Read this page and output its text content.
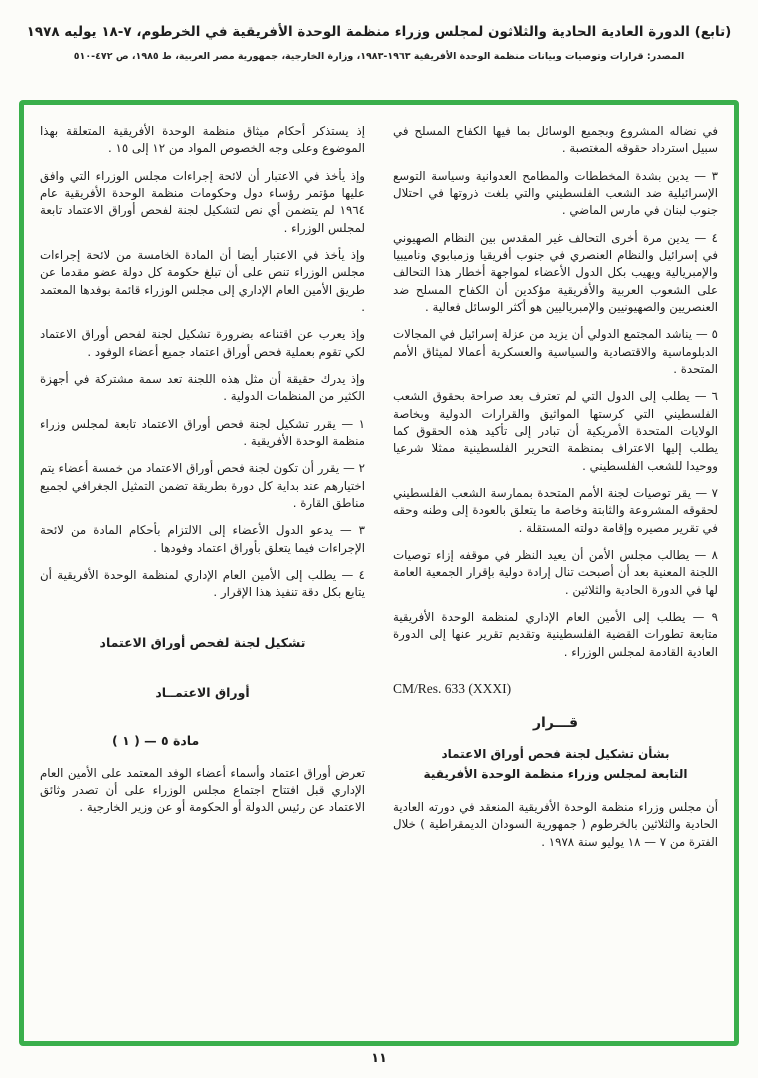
(تابع) الدورة العادية الحادية والثلاثون لمجلس وزراء منظمة الوحدة الأفريقية في الخرطوم، ٧-١٨ يوليه ١٩٧٨
المصدر: قرارات وتوصيات وبيانات منظمة الوحدة الأفريقية ١٩٦٣-١٩٨٣، وزارة الخارجية، جمهورية مصر العربية، ط ١٩٨٥، ص ٤٧٢-٥١٠

في نضاله المشروع وبجميع الوسائل بما فيها الكفاح المسلح في سبيل استرداد حقوقه المغتصبة .

٣ — يدين بشدة المخططات والمطامح العدوانية وسياسة التوسع الإسرائيلية ضد الشعب الفلسطيني والتي بلغت ذروتها في احتلال جنوب لبنان في مارس الماضي .

٤ — يدين مرة أخرى التحالف غير المقدس بين النظام الصهيوني في إسرائيل والنظام العنصري في جنوب أفريقيا وزمبابوي وناميبيا والإمبريالية ويهيب بكل الدول الأعضاء لمواجهة أخطار هذا التحالف على الشعوب العربية والأفريقية مؤكدين أن الكفاح المسلح ضد العنصريين والصهيونيين والإمبرياليين هو أكثر الوسائل فعالية .

٥ — يناشد المجتمع الدولي أن يزيد من عزلة إسرائيل في المجالات الدبلوماسية والاقتصادية والسياسية والعسكرية أعمالا لميثاق الأمم المتحدة .

٦ — يطلب إلى الدول التي لم تعترف بعد صراحة بحقوق الشعب الفلسطيني التي كرستها المواثيق والقرارات الدولية وبخاصة الولايات المتحدة الأمريكية أن تبادر إلى تأكيد هذه الحقوق كما يطلب إليها الاعتراف بمنظمة التحرير الفلسطينية ممثلا شرعيا ووحيدا للشعب الفلسطيني .

٧ — يقر توصيات لجنة الأمم المتحدة بممارسة الشعب الفلسطيني لحقوقه المشروعة والثابتة وخاصة ما يتعلق بالعودة إلى وطنه وحقه في تقرير مصيره وإقامة دولته المستقلة .

٨ — يطالب مجلس الأمن أن يعيد النظر في موقفه إزاء توصيات اللجنة المعنية بعد أن أصبحت تنال إرادة دولية بإقرار الجمعية العامة لها في الدورة الحادية والثلاثين .

٩ — يطلب إلى الأمين العام الإداري لمنظمة الوحدة الأفريقية متابعة تطورات القضية الفلسطينية وتقديم تقرير عنها إلى الدورة العادية القادمة لمجلس الوزراء .

CM/Res. 633 (XXXI)
قـــرار
بشأن تشكيل لجنة فحص أوراق الاعتماد
التابعة لمجلس وزراء منظمة الوحدة الأفريقية

أن مجلس وزراء منظمة الوحدة الأفريقية المنعقد في دورته العادية الحادية والثلاثين بالخرطوم ( جمهورية السودان الديمقراطية ) خلال الفترة من ٧ — ١٨ يوليو سنة ١٩٧٨ .

إذ يستذكر أحكام ميثاق منظمة الوحدة الأفريقية المتعلقة بهذا الموضوع وعلى وجه الخصوص المواد من ١٢ إلى ١٥ .

وإذ يأخذ في الاعتبار أن لائحة إجراءات مجلس الوزراء التي وافق عليها مؤتمر رؤساء دول وحكومات منظمة الوحدة الأفريقية عام ١٩٦٤ لم يتضمن أي نص لتشكيل لجنة لفحص أوراق الاعتماد تابعة لمجلس الوزراء .

وإذ يأخذ في الاعتبار أيضا أن المادة الخامسة من لائحة إجراءات مجلس الوزراء تنص على أن تبلغ حكومة كل دولة عضو مقدما عن طريق الأمين العام الإداري إلى مجلس الوزراء قائمة بوفدها المعتمد .

وإذ يعرب عن اقتناعه بضرورة تشكيل لجنة لفحص أوراق الاعتماد لكي تقوم بعملية فحص أوراق اعتماد جميع أعضاء الوفود .

وإذ يدرك حقيقة أن مثل هذه اللجنة تعد سمة مشتركة في أجهزة الكثير من المنظمات الدولية .

١ — يقرر تشكيل لجنة فحص أوراق الاعتماد تابعة لمجلس وزراء منظمة الوحدة الأفريقية .

٢ — يقرر أن تكون لجنة فحص أوراق الاعتماد من خمسة أعضاء يتم اختيارهم عند بداية كل دورة بطريقة تضمن التمثيل الجغرافي لجميع مناطق القارة .

٣ — يدعو الدول الأعضاء إلى الالتزام بأحكام المادة من لائحة الإجراءات فيما يتعلق بأوراق اعتماد وفودها .

٤ — يطلب إلى الأمين العام الإداري لمنظمة الوحدة الأفريقية أن يتابع بكل دقة تنفيذ هذا الإقرار .

تشكيل لجنة لفحص أوراق الاعتماد
أوراق الاعتمــاد
مادة ٥ — ( ١ )

تعرض أوراق اعتماد وأسماء أعضاء الوفد المعتمد على الأمين العام الإداري قبل افتتاح اجتماع مجلس الوزراء على أن تصدر وثائق الاعتماد عن رئيس الدولة أو الحكومة أو عن وزير الخارجية .

١١
